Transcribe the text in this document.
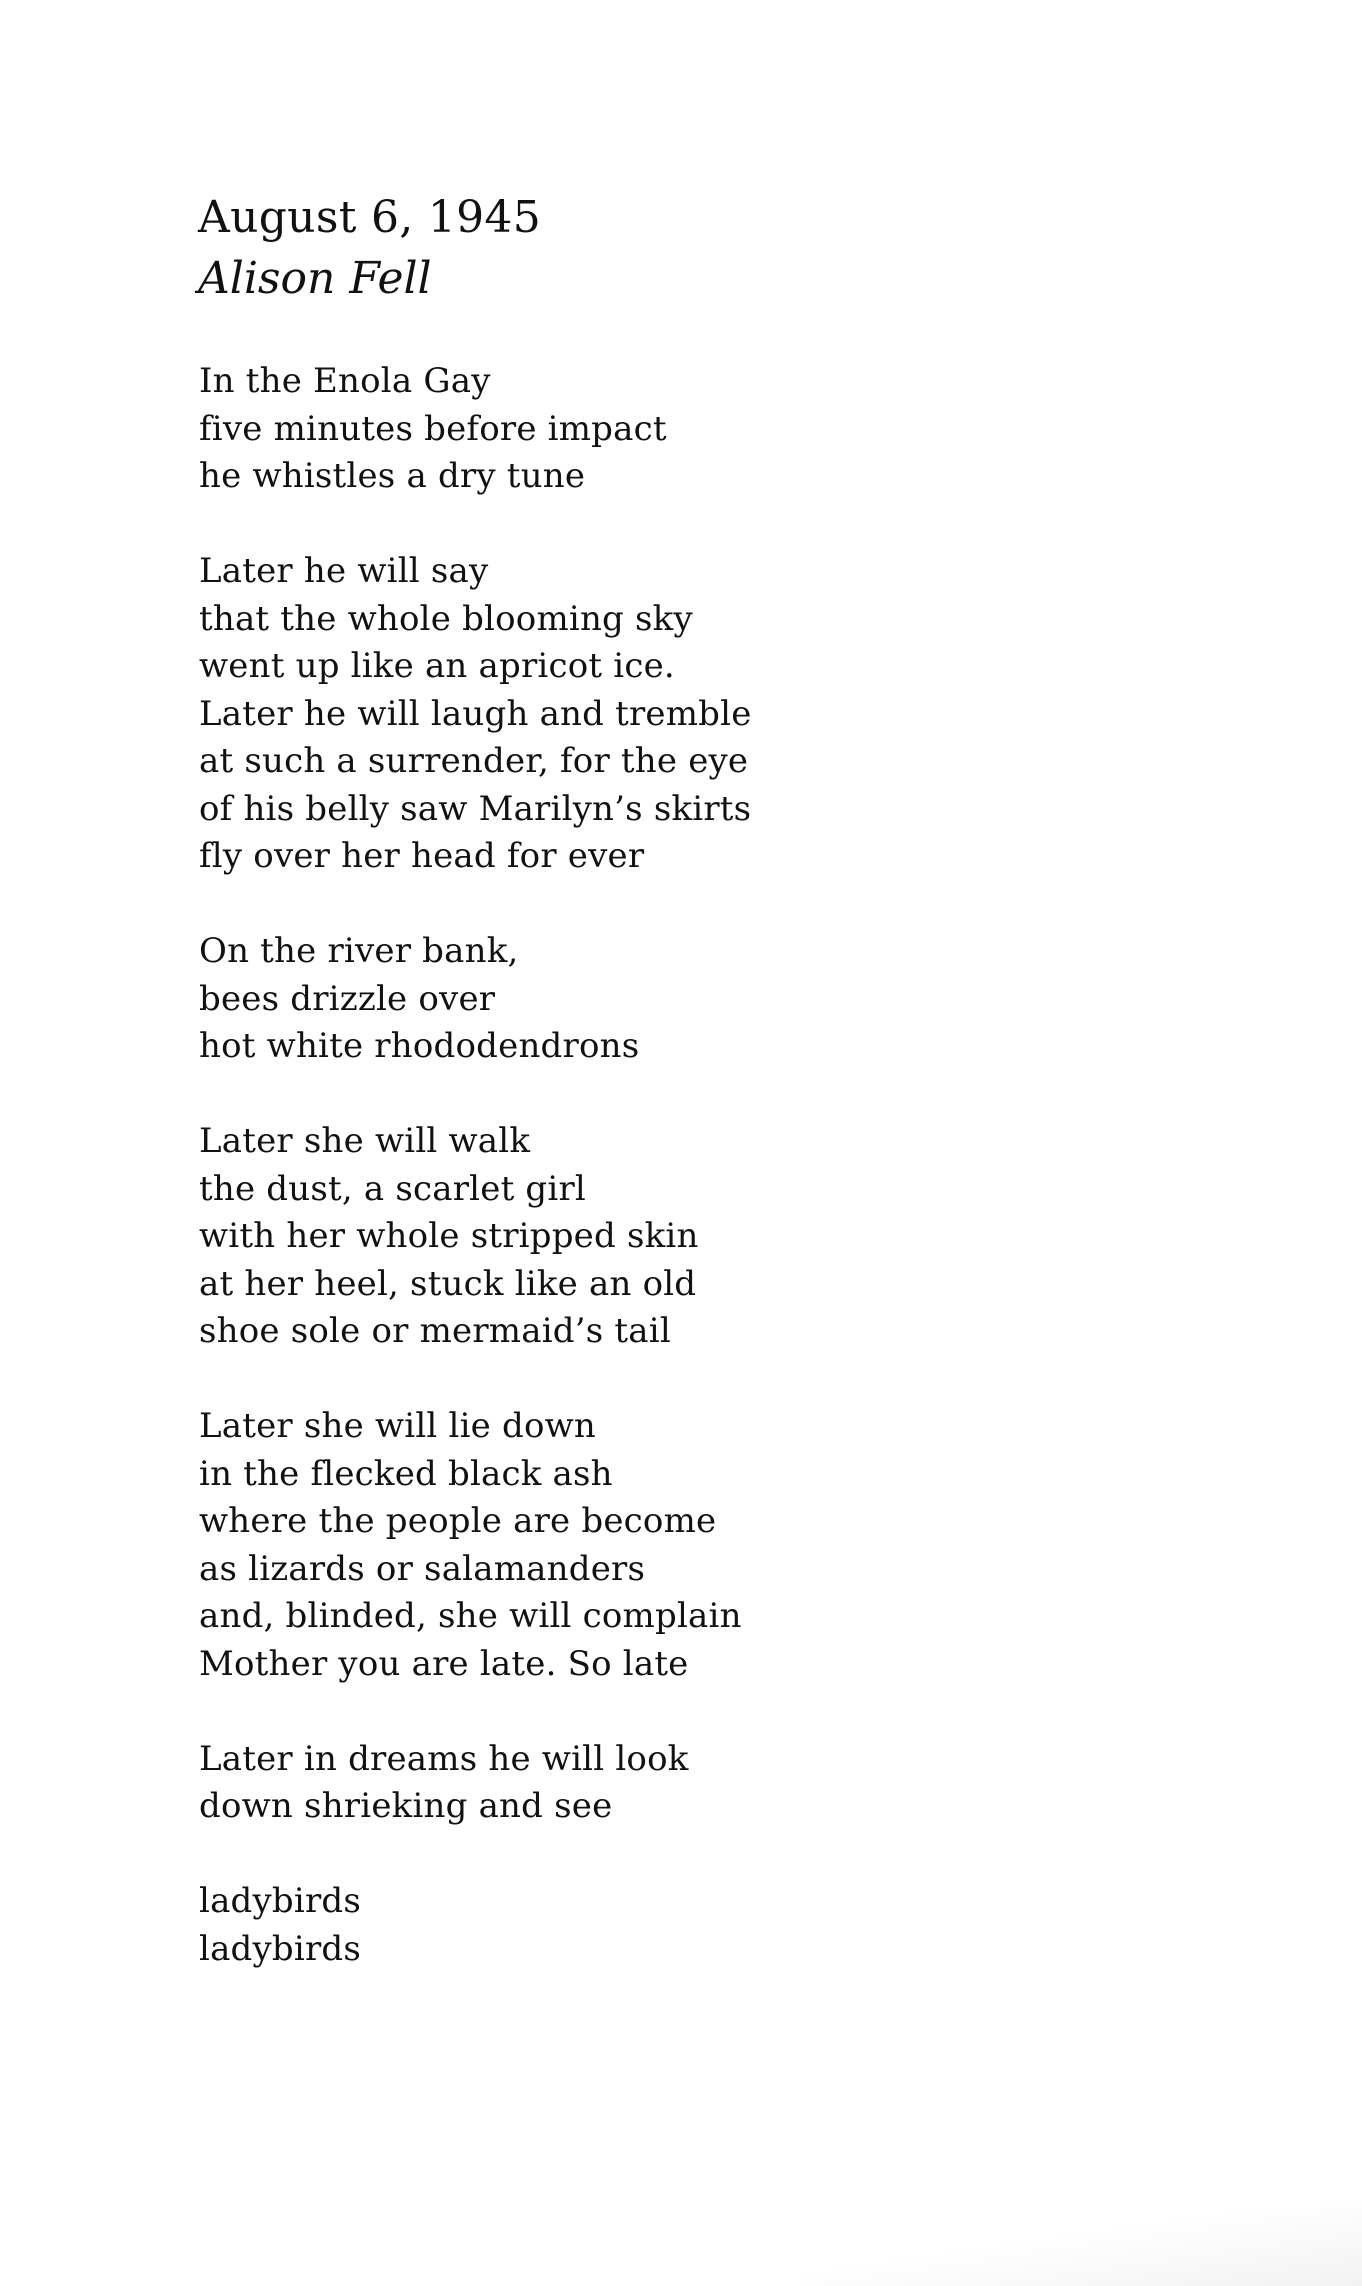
August 6, 1945
Alison Fell
In the Enola Gay
five minutes before impact
he whistles a dry tune
Later he will say
that the whole blooming sky
went up like an apricot ice.
Later he will laugh and tremble
at such a surrender, for the eye
of his belly saw Marilyn’s skirts
fly over her head for ever
On the river bank,
bees drizzle over
hot white rhododendrons
Later she will walk
the dust, a scarlet girl
with her whole stripped skin
at her heel, stuck like an old
shoe sole or mermaid’s tail
Later she will lie down
in the flecked black ash
where the people are become
as lizards or salamanders
and, blinded, she will complain
Mother you are late. So late
Later in dreams he will look
down shrieking and see
ladybirds
ladybirds
